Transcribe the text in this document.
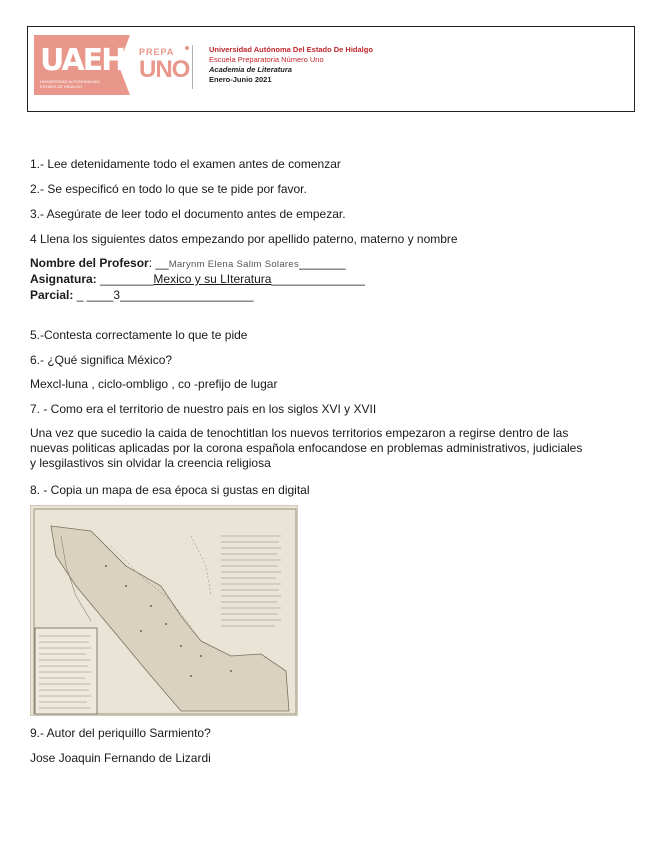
UAEH
UNIVERSIDAD AUTÓNOMA DEL ESTADO DE HIDALGO
PREPA
UNO
Universidad Autónoma Del Estado De Hidalgo
Escuela Preparatoria Número Uno
Academia de Literatura
Enero-Junio 2021
1.- Lee detenidamente todo el examen antes de comenzar
2.- Se especificó en todo lo que se te pide por favor.
3.- Asegúrate de leer todo el documento antes de empezar.
4 Llena los siguientes datos empezando por apellido paterno, materno y nombre
Nombre del Profesor: __Marynm Elena Salim Solares_______
Asignatura: ________Mexico y su LIteratura______________
Parcial: _ ____3____________________
5.-Contesta correctamente lo que te pide
6.- ¿Qué significa México?
Mexcl-luna , ciclo-ombligo , co -prefijo de lugar
7. - Como era el territorio de nuestro pais en los siglos XVI y XVII
Una vez que sucedio la caida de tenochtitlan los nuevos territorios empezaron a regirse dentro de las nuevas politicas aplicadas por la corona española enfocandose en problemas administrativos, judiciales y lesgilastivos sin olvidar la creencia religiosa
8. - Copia un mapa de esa época si gustas en digital
9.- Autor del periquillo Sarmiento?
Jose Joaquin Fernando de Lizardi
